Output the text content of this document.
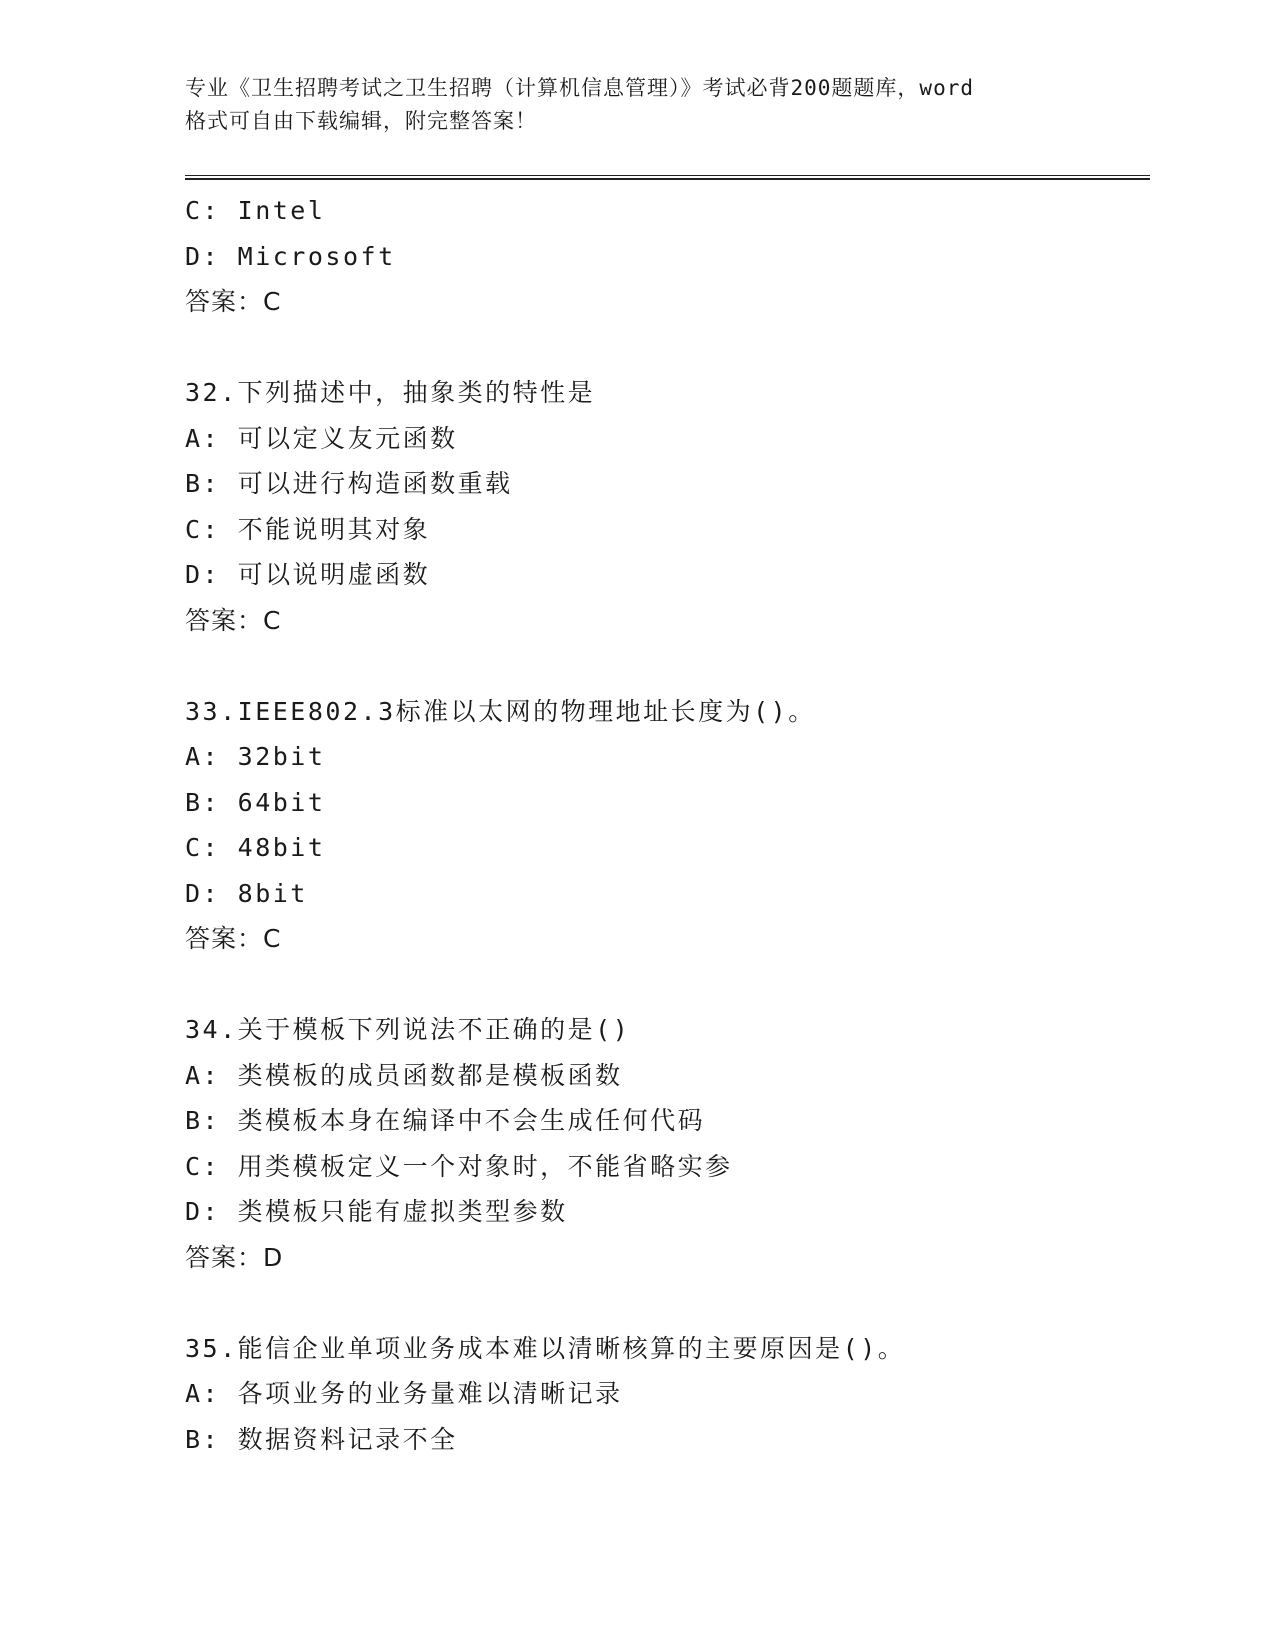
专业《卫生招聘考试之卫生招聘（计算机信息管理）》考试必背200题题库，word
格式可自由下载编辑，附完整答案！
C: Intel
D: Microsoft
答案：C
32.下列描述中，抽象类的特性是
A: 可以定义友元函数
B: 可以进行构造函数重载
C: 不能说明其对象
D: 可以说明虚函数
答案：C
33.IEEE802.3标准以太网的物理地址长度为()。
A: 32bit
B: 64bit
C: 48bit
D: 8bit
答案：C
34.关于模板下列说法不正确的是()
A: 类模板的成员函数都是模板函数
B: 类模板本身在编译中不会生成任何代码
C: 用类模板定义一个对象时，不能省略实参
D: 类模板只能有虚拟类型参数
答案：D
35.能信企业单项业务成本难以清晰核算的主要原因是()。
A: 各项业务的业务量难以清晰记录
B: 数据资料记录不全
